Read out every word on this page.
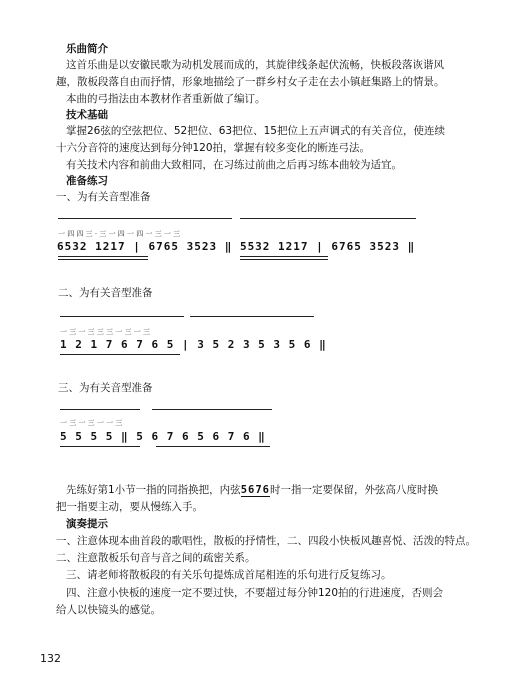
乐曲简介
这首乐曲是以安徽民歌为动机发展而成的，其旋律线条起伏流畅，快板段落诙谐风趣，散板段落自由而抒情，形象地描绘了一群乡村女子走在去小镇赶集路上的情景。
本曲的弓指法由本教材作者重新做了编订。
技术基础
掌握26弦的空弦把位、52把位、63把位、15把位上五声调式的有关音位，使连续十六分音符的速度达到每分钟120拍，掌握有较多变化的断连弓法。
有关技术内容和前曲大致相同，在习练过前曲之后再习练本曲较为适宜。
准备练习
一、为有关音型准备
一 四 四 三 · 三 一 四 一 四 一 三 一 三
6532 1217 | 6765 3523 ‖ 5532 1217 | 6765 3523 ‖
二、为有关音型准备
一 三 一 三 三 三 一 三 一 三
1 2 1 7 6 7 6 5 | 3 5 2 3 5 3 5 6 ‖
三、为有关音型准备
一 三 一 三 一 一 三
5 5 5 5 ‖ 5 6 7 6 5 6 7 6 ‖
先练好第1小节一指的同指换把，内弦5676时一指一定要保留，外弦高八度时换把一指要主动，要从慢练入手。
演奏提示
一、注意体现本曲首段的歌唱性，散板的抒情性，二、四段小快板风趣喜悦、活泼的特点。
二、注意散板乐句音与音之间的疏密关系。
三、请老师将散板段的有关乐句提炼成首尾相连的乐句进行反复练习。
四、注意小快板的速度一定不要过快，不要超过每分钟120拍的行进速度，否则会给人以快镜头的感觉。
132
